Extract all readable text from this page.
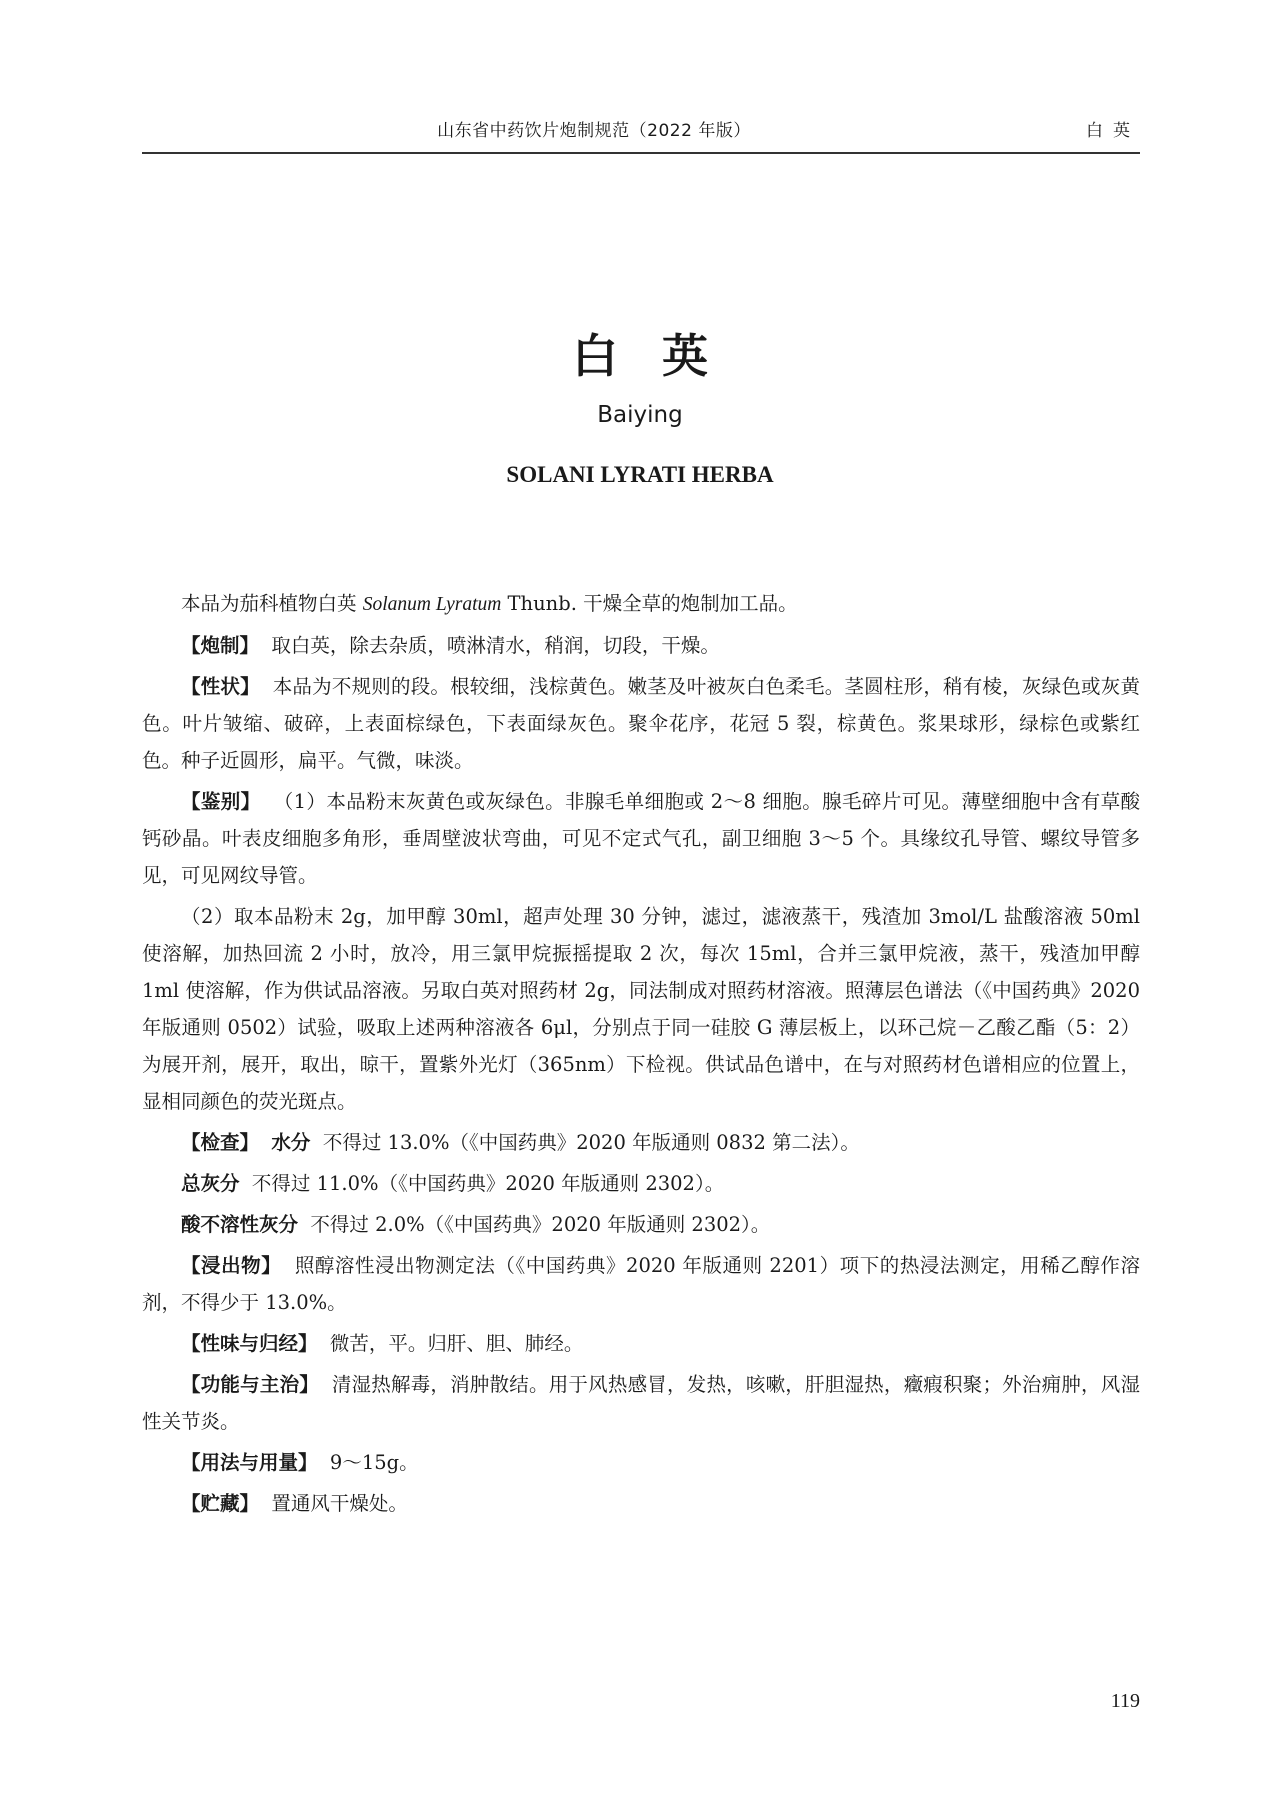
山东省中药饮片炮制规范（2022 年版）	白英
白英
Baiying
SOLANI LYRATI HERBA

本品为茄科植物白英 Solanum Lyratum Thunb. 干燥全草的炮制加工品。

【炮制】 取白英，除去杂质，喷淋清水，稍润，切段，干燥。

【性状】 本品为不规则的段。根较细，浅棕黄色。嫩茎及叶被灰白色柔毛。茎圆柱形，稍有棱，灰绿色或灰黄色。叶片皱缩、破碎，上表面棕绿色，下表面绿灰色。聚伞花序，花冠 5 裂，棕黄色。浆果球形，绿棕色或紫红色。种子近圆形，扁平。气微，味淡。

【鉴别】 （1）本品粉末灰黄色或灰绿色。非腺毛单细胞或 2～8 细胞。腺毛碎片可见。薄壁细胞中含有草酸钙砂晶。叶表皮细胞多角形，垂周壁波状弯曲，可见不定式气孔，副卫细胞 3～5 个。具缘纹孔导管、螺纹导管多见，可见网纹导管。

（2）取本品粉末 2g，加甲醇 30ml，超声处理 30 分钟，滤过，滤液蒸干，残渣加 3mol/L 盐酸溶液 50ml 使溶解，加热回流 2 小时，放冷，用三氯甲烷振摇提取 2 次，每次 15ml，合并三氯甲烷液，蒸干，残渣加甲醇 1ml 使溶解，作为供试品溶液。另取白英对照药材 2g，同法制成对照药材溶液。照薄层色谱法（《中国药典》2020 年版通则 0502）试验，吸取上述两种溶液各 6μl，分别点于同一硅胶 G 薄层板上，以环己烷－乙酸乙酯（5：2）为展开剂，展开，取出，晾干，置紫外光灯（365nm）下检视。供试品色谱中，在与对照药材色谱相应的位置上，显相同颜色的荧光斑点。

【检查】 水分 不得过 13.0%（《中国药典》2020 年版通则 0832 第二法）。

总灰分 不得过 11.0%（《中国药典》2020 年版通则 2302）。

酸不溶性灰分 不得过 2.0%（《中国药典》2020 年版通则 2302）。

【浸出物】 照醇溶性浸出物测定法（《中国药典》2020 年版通则 2201）项下的热浸法测定，用稀乙醇作溶剂，不得少于 13.0%。

【性味与归经】 微苦，平。归肝、胆、肺经。

【功能与主治】 清湿热解毒，消肿散结。用于风热感冒，发热，咳嗽，肝胆湿热，癥瘕积聚；外治痈肿，风湿性关节炎。

【用法与用量】 9～15g。

【贮藏】 置通风干燥处。

119
